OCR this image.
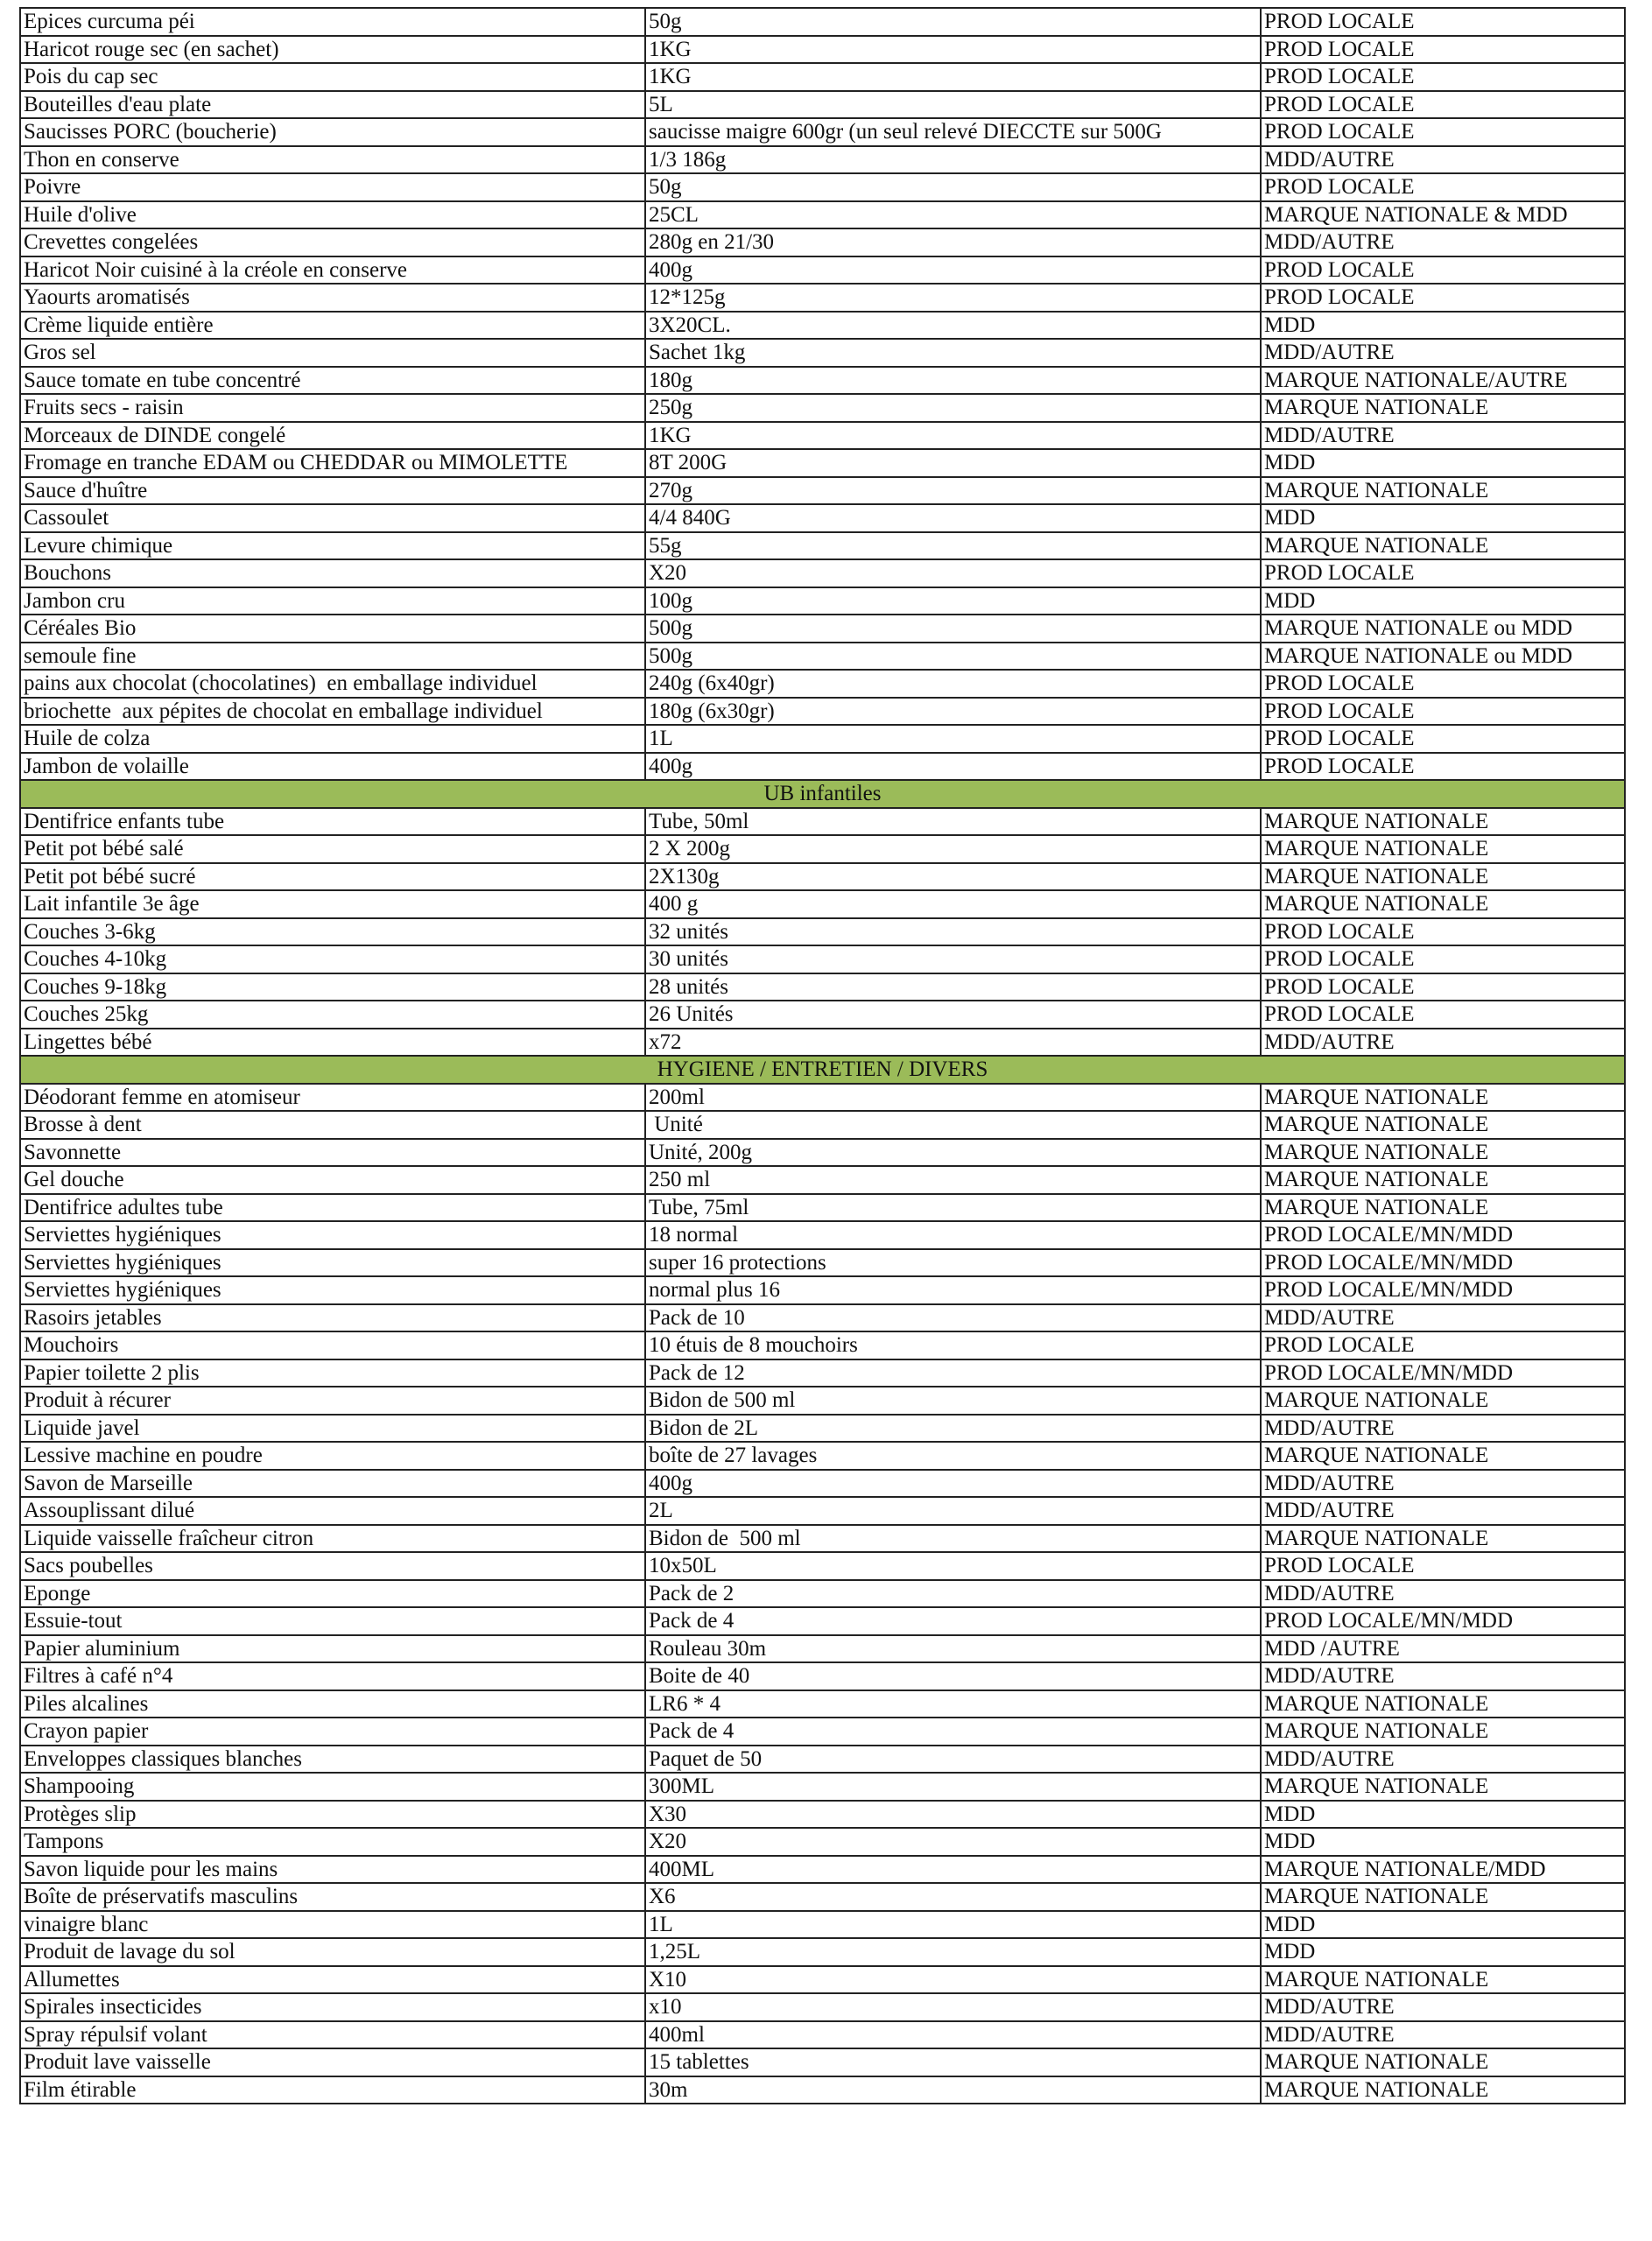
Epices curcuma péi	50g	PROD LOCALE
Haricot rouge sec (en sachet)	1KG	PROD LOCALE
Pois du cap sec	1KG	PROD LOCALE
Bouteilles d'eau plate	5L	PROD LOCALE
Saucisses PORC (boucherie)	saucisse maigre 600gr (un seul relevé DIECCTE sur 500G	PROD LOCALE
Thon en conserve	1/3 186g	MDD/AUTRE
Poivre	50g	PROD LOCALE
Huile d'olive	25CL	MARQUE NATIONALE & MDD
Crevettes congelées	280g en 21/30	MDD/AUTRE
Haricot Noir cuisiné à la créole en conserve	400g	PROD LOCALE
Yaourts aromatisés	12*125g	PROD LOCALE
Crème liquide entière	3X20CL.	MDD
Gros sel	Sachet 1kg	MDD/AUTRE
Sauce tomate en tube concentré	180g	MARQUE NATIONALE/AUTRE
Fruits secs - raisin	250g	MARQUE NATIONALE
Morceaux de DINDE congelé	1KG	MDD/AUTRE
Fromage en tranche EDAM ou CHEDDAR ou MIMOLETTE	8T 200G	MDD
Sauce d'huître	270g	MARQUE NATIONALE
Cassoulet	4/4 840G	MDD
Levure chimique	55g	MARQUE NATIONALE
Bouchons	X20	PROD LOCALE
Jambon cru	100g	MDD
Céréales Bio	500g	MARQUE NATIONALE ou MDD
semoule fine	500g	MARQUE NATIONALE ou MDD
pains aux chocolat (chocolatines)  en emballage individuel	240g (6x40gr)	PROD LOCALE
briochette  aux pépites de chocolat en emballage individuel	180g (6x30gr)	PROD LOCALE
Huile de colza	1L	PROD LOCALE
Jambon de volaille	400g	PROD LOCALE
UB infantiles		
Dentifrice enfants tube	Tube, 50ml	MARQUE NATIONALE
Petit pot bébé salé	2 X 200g	MARQUE NATIONALE
Petit pot bébé sucré	2X130g	MARQUE NATIONALE
Lait infantile 3e âge	400 g	MARQUE NATIONALE
Couches 3-6kg	32 unités	PROD LOCALE
Couches 4-10kg	30 unités	PROD LOCALE
Couches 9-18kg	28 unités	PROD LOCALE
Couches 25kg	26 Unités	PROD LOCALE
Lingettes bébé	x72	MDD/AUTRE
HYGIENE / ENTRETIEN / DIVERS		
Déodorant femme en atomiseur	200ml	MARQUE NATIONALE
Brosse à dent	Unité	MARQUE NATIONALE
Savonnette	Unité, 200g	MARQUE NATIONALE
Gel douche	250 ml	MARQUE NATIONALE
Dentifrice adultes tube	Tube, 75ml	MARQUE NATIONALE
Serviettes hygiéniques	18 normal	PROD LOCALE/MN/MDD
Serviettes hygiéniques	super 16 protections	PROD LOCALE/MN/MDD
Serviettes hygiéniques	normal plus 16	PROD LOCALE/MN/MDD
Rasoirs jetables	Pack de 10	MDD/AUTRE
Mouchoirs	10 étuis de 8 mouchoirs	PROD LOCALE
Papier toilette 2 plis	Pack de 12	PROD LOCALE/MN/MDD
Produit à récurer	Bidon de 500 ml	MARQUE NATIONALE
Liquide javel	Bidon de 2L	MDD/AUTRE
Lessive machine en poudre	boîte de 27 lavages	MARQUE NATIONALE
Savon de Marseille	400g	MDD/AUTRE
Assouplissant dilué	2L	MDD/AUTRE
Liquide vaisselle fraîcheur citron	Bidon de  500 ml	MARQUE NATIONALE
Sacs poubelles	10x50L	PROD LOCALE
Eponge	Pack de 2	MDD/AUTRE
Essuie-tout	Pack de 4	PROD LOCALE/MN/MDD
Papier aluminium	Rouleau 30m	MDD /AUTRE
Filtres à café n°4	Boite de 40	MDD/AUTRE
Piles alcalines	LR6 * 4	MARQUE NATIONALE
Crayon papier	Pack de 4	MARQUE NATIONALE
Enveloppes classiques blanches	Paquet de 50	MDD/AUTRE
Shampooing	300ML	MARQUE NATIONALE
Protèges slip	X30	MDD
Tampons	X20	MDD
Savon liquide pour les mains	400ML	MARQUE NATIONALE/MDD
Boîte de préservatifs masculins	X6	MARQUE NATIONALE
vinaigre blanc	1L	MDD
Produit de lavage du sol	1,25L	MDD
Allumettes	X10	MARQUE NATIONALE
Spirales insecticides	x10	MDD/AUTRE
Spray répulsif volant	400ml	MDD/AUTRE
Produit lave vaisselle	15 tablettes	MARQUE NATIONALE
Film étirable	30m	MARQUE NATIONALE
